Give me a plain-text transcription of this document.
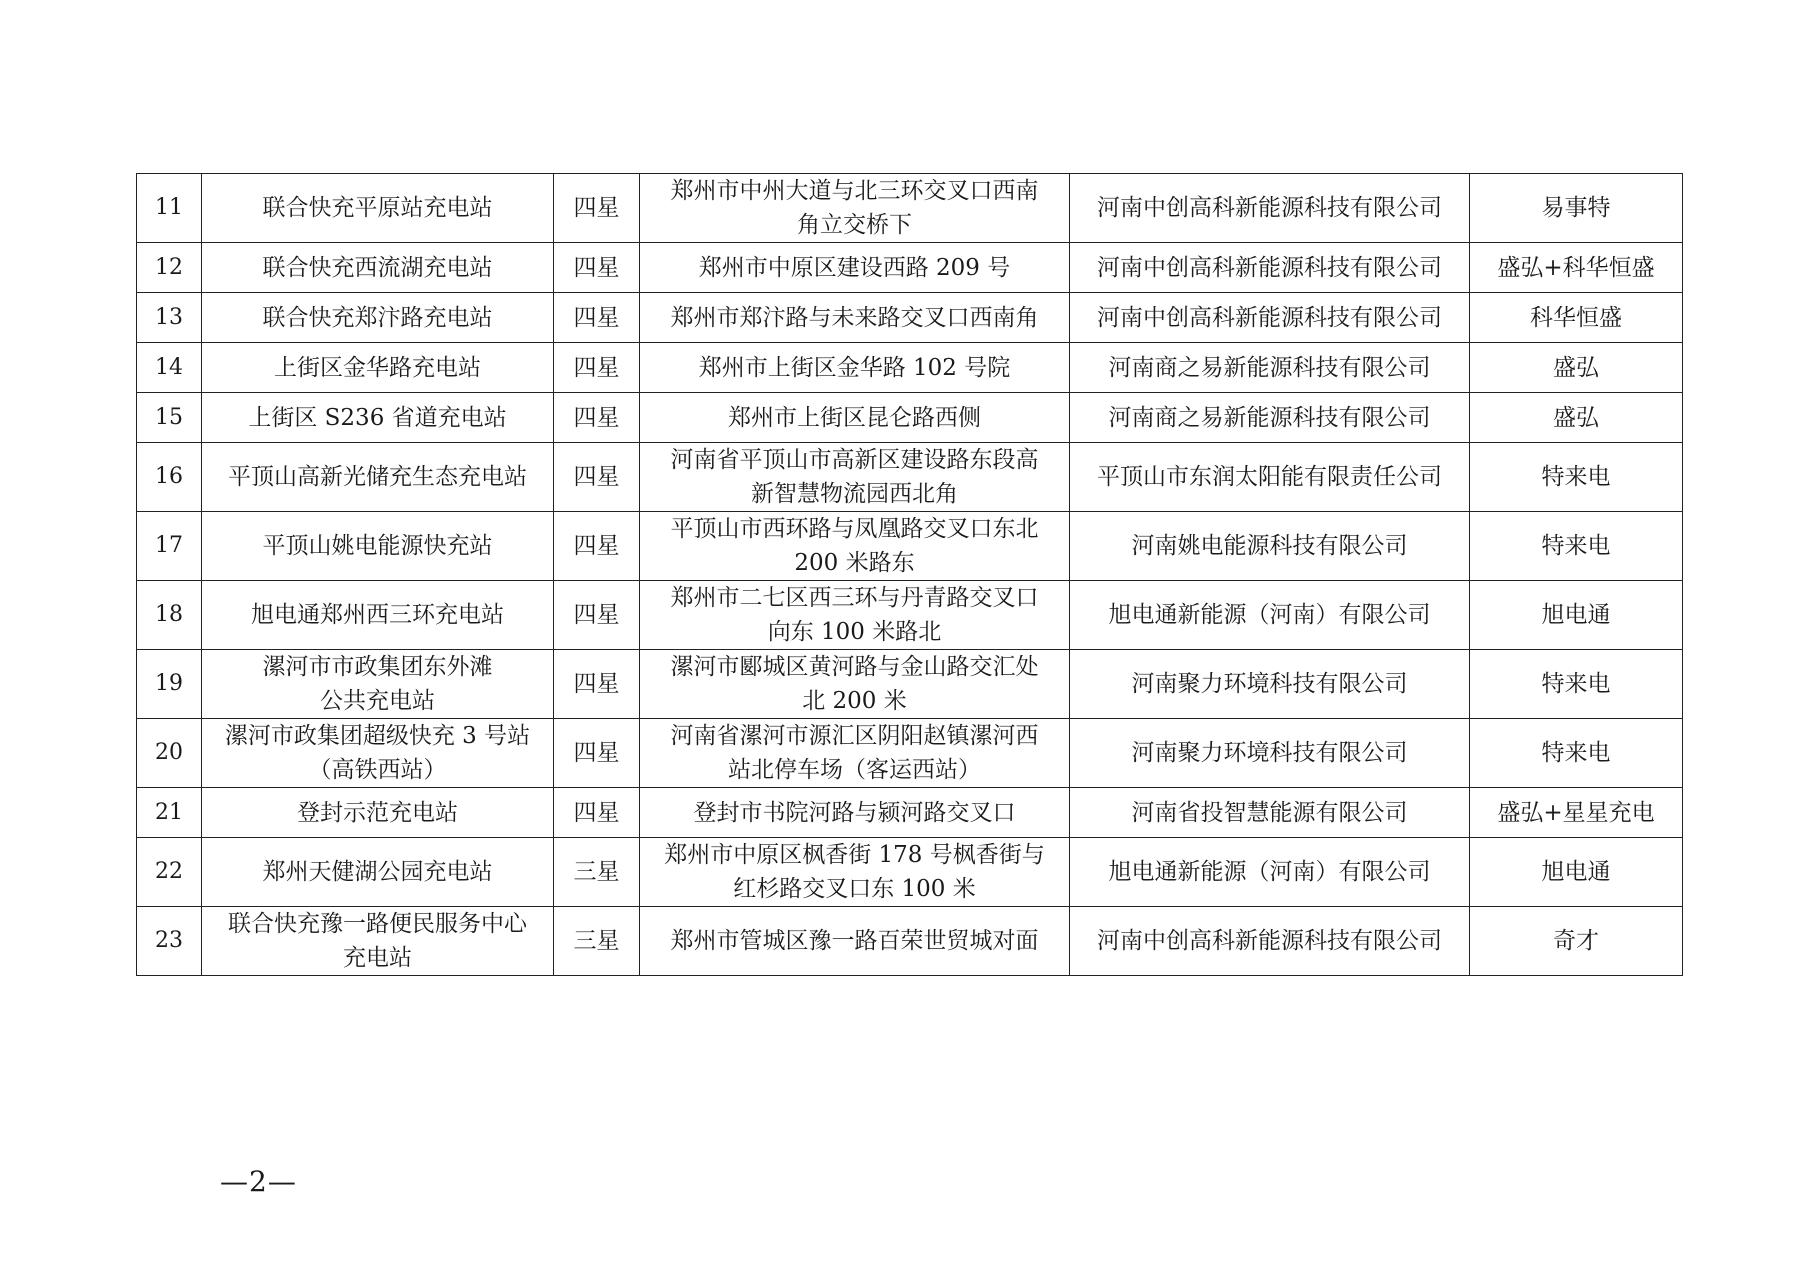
11	联合快充平原站充电站	四星	郑州市中州大道与北三环交叉口西南
角立交桥下	河南中创高科新能源科技有限公司	易事特
12	联合快充西流湖充电站	四星	郑州市中原区建设西路 209 号	河南中创高科新能源科技有限公司	盛弘+科华恒盛
13	联合快充郑汴路充电站	四星	郑州市郑汴路与未来路交叉口西南角	河南中创高科新能源科技有限公司	科华恒盛
14	上街区金华路充电站	四星	郑州市上街区金华路 102 号院	河南商之易新能源科技有限公司	盛弘
15	上街区 S236 省道充电站	四星	郑州市上街区昆仑路西侧	河南商之易新能源科技有限公司	盛弘
16	平顶山高新光储充生态充电站	四星	河南省平顶山市高新区建设路东段高
新智慧物流园西北角	平顶山市东润太阳能有限责任公司	特来电
17	平顶山姚电能源快充站	四星	平顶山市西环路与凤凰路交叉口东北
200 米路东	河南姚电能源科技有限公司	特来电
18	旭电通郑州西三环充电站	四星	郑州市二七区西三环与丹青路交叉口
向东 100 米路北	旭电通新能源（河南）有限公司	旭电通
19	漯河市市政集团东外滩
公共充电站	四星	漯河市郾城区黄河路与金山路交汇处
北 200 米	河南聚力环境科技有限公司	特来电
20	漯河市政集团超级快充 3 号站
（高铁西站）	四星	河南省漯河市源汇区阴阳赵镇漯河西
站北停车场（客运西站）	河南聚力环境科技有限公司	特来电
21	登封示范充电站	四星	登封市书院河路与颍河路交叉口	河南省投智慧能源有限公司	盛弘+星星充电
22	郑州天健湖公园充电站	三星	郑州市中原区枫香街 178 号枫香街与
红杉路交叉口东 100 米	旭电通新能源（河南）有限公司	旭电通
23	联合快充豫一路便民服务中心
充电站	三星	郑州市管城区豫一路百荣世贸城对面	河南中创高科新能源科技有限公司	奇才
—2—
